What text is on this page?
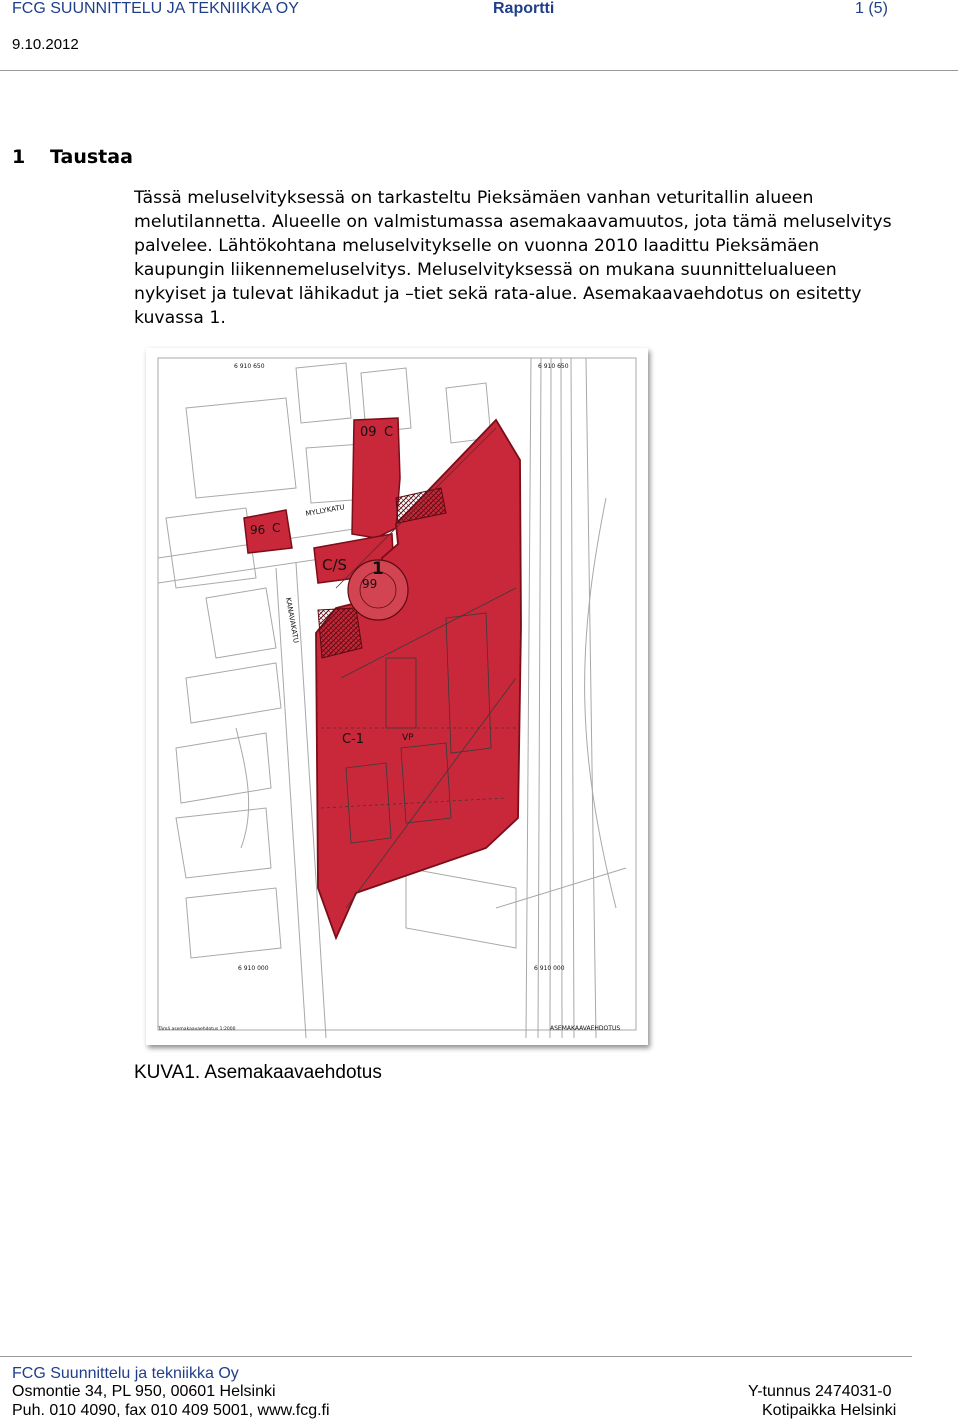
FCG SUUNNITTELU JA TEKNIIKKA OY	Raportti	1 (5)
9.10.2012
1 Taustaa
Tässä meluselvityksessä on tarkasteltu Pieksämäen vanhan veturitallin alueen
melutilannetta. Alueelle on valmistumassa asemakaavamuutos, jota tämä meluselvitys
palvelee. Lähtökohtana meluselvitykselle on vuonna 2010 laadittu Pieksämäen
kaupungin liikennemeluselvitys. Meluselvityksessä on mukana suunnittelualueen
nykyiset ja tulevat lähikadut ja –tiet sekä rata-alue. Asemakaavaehdotus on esitetty
kuvassa 1.
09 C
96 C
C/S 1
99
C-1	VP
MYLLYKATU
KANAVAKATU
6 910 650	6 910 650
6 910 000	6 910 000
ASEMAKAAVAEHDOTUS
Tämä asemakaavaehdotus 1:2000
KUVA1. Asemakaavaehdotus
FCG Suunnittelu ja tekniikka Oy
Osmontie 34, PL 950, 00601 Helsinki
Puh. 010 4090, fax 010 409 5001, www.fcg.fi
Y-tunnus 2474031-0
Kotipaikka Helsinki
